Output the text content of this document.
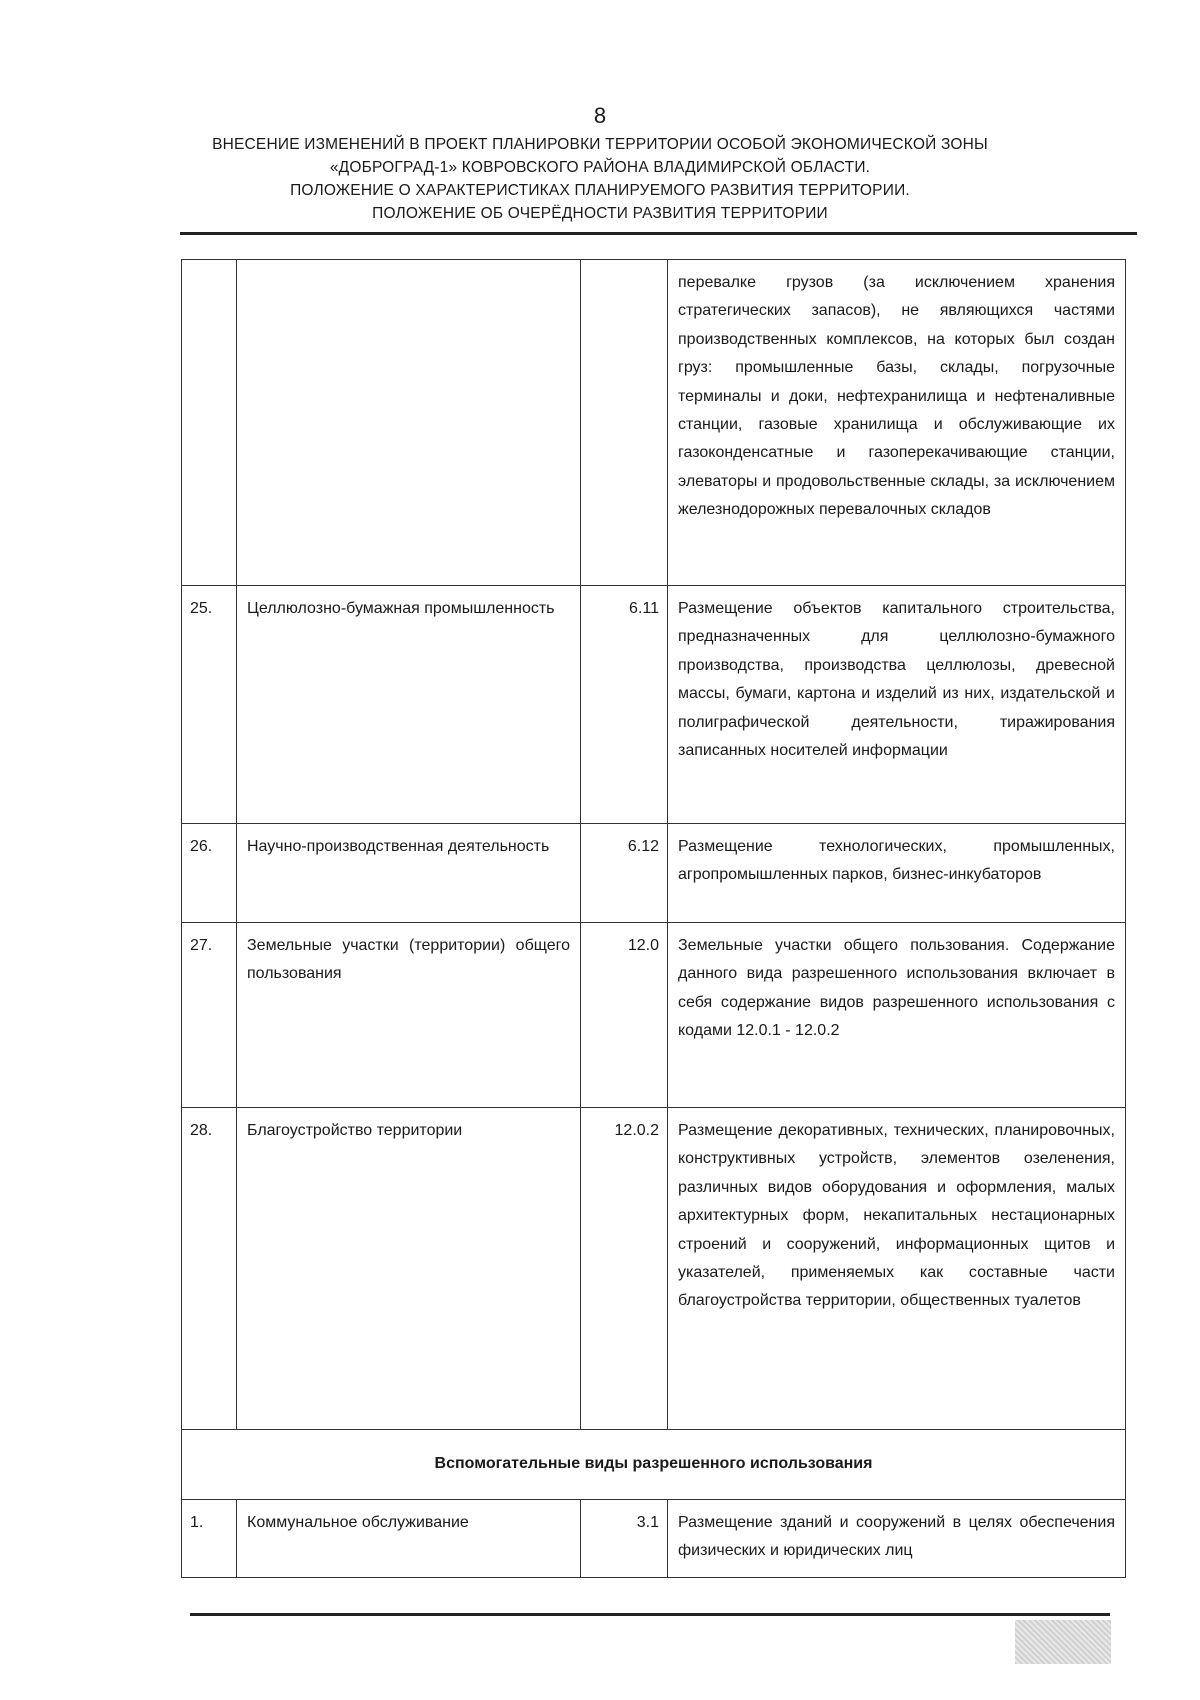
8
ВНЕСЕНИЕ ИЗМЕНЕНИЙ В ПРОЕКТ ПЛАНИРОВКИ ТЕРРИТОРИИ ОСОБОЙ ЭКОНОМИЧЕСКОЙ ЗОНЫ
«ДОБРОГРАД-1» КОВРОВСКОГО РАЙОНА ВЛАДИМИРСКОЙ ОБЛАСТИ.
ПОЛОЖЕНИЕ О ХАРАКТЕРИСТИКАХ ПЛАНИРУЕМОГО РАЗВИТИЯ ТЕРРИТОРИИ.
ПОЛОЖЕНИЕ ОБ ОЧЕРЁДНОСТИ РАЗВИТИЯ ТЕРРИТОРИИ
			перевалке грузов (за исключением хранения стратегических запасов), не являющихся частями производственных комплексов, на которых был создан груз: промышленные базы, склады, погрузочные терминалы и доки, нефтехранилища и нефтеналивные станции, газовые хранилища и обслуживающие их газоконденсатные и газоперекачивающие станции, элеваторы и продовольственные склады, за исключением железнодорожных перевалочных складов
25.	Целлюлозно-бумажная промышленность	6.11	Размещение объектов капитального строительства, предназначенных для целлюлозно-бумажного производства, производства целлюлозы, древесной массы, бумаги, картона и изделий из них, издательской и полиграфической деятельности, тиражирования записанных носителей информации
26.	Научно-производственная деятельность	6.12	Размещение технологических, промышленных, агропромышленных парков, бизнес-инкубаторов
27.	Земельные участки (территории) общего пользования	12.0	Земельные участки общего пользования. Содержание данного вида разрешенного использования включает в себя содержание видов разрешенного использования с кодами 12.0.1 - 12.0.2
28.	Благоустройство территории	12.0.2	Размещение декоративных, технических, планировочных, конструктивных устройств, элементов озеленения, различных видов оборудования и оформления, малых архитектурных форм, некапитальных нестационарных строений и сооружений, информационных щитов и указателей, применяемых как составные части благоустройства территории, общественных туалетов
Вспомогательные виды разрешенного использования			
1.	Коммунальное обслуживание	3.1	Размещение зданий и сооружений в целях обеспечения физических и юридических лиц
